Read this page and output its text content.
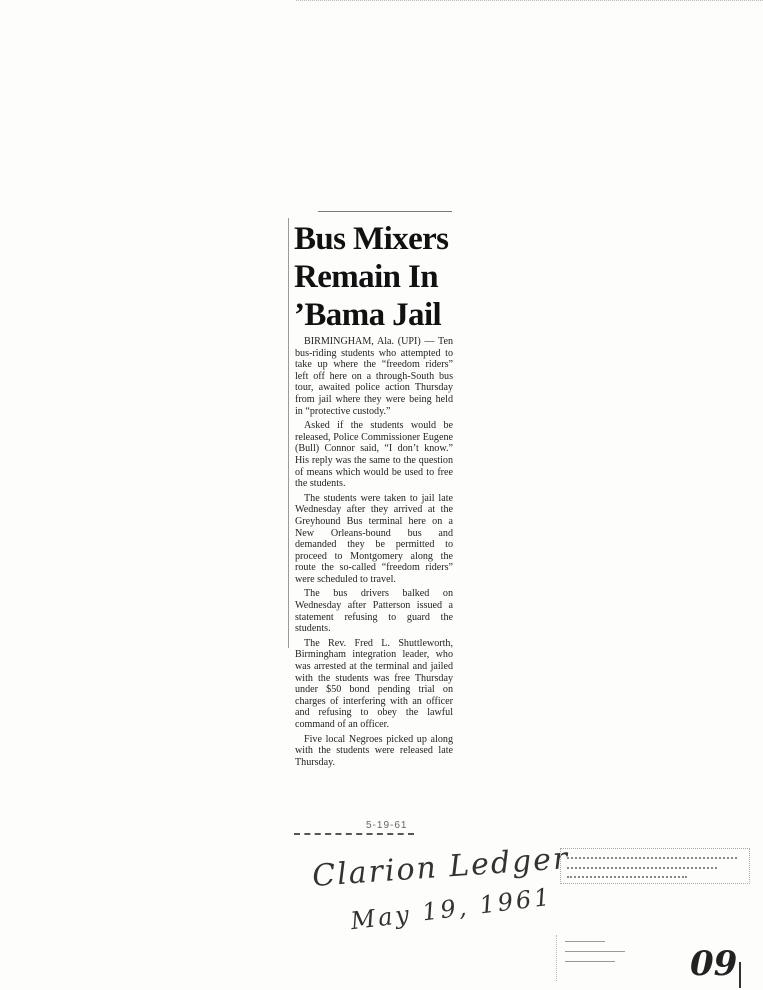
Bus Mixers
Remain In
’Bama Jail

BIRMINGHAM, Ala. (UPI) — Ten bus-riding students who attempted to take up where the “freedom riders” left off here on a through-South bus tour, awaited police action Thursday from jail where they were being held in “protective custody.”

Asked if the students would be released, Police Commissioner Eugene (Bull) Connor said, “I don’t know.” His reply was the same to the question of means which would be used to free the students.

The students were taken to jail late Wednesday after they arrived at the Greyhound Bus terminal here on a New Orleans-bound bus and demanded they be permitted to proceed to Montgomery along the route the so-called “freedom riders” were scheduled to travel.

The bus drivers balked on Wednesday after Patterson issued a statement refusing to guard the students.

The Rev. Fred L. Shuttleworth, Birmingham integration leader, who was arrested at the terminal and jailed with the students was free Thursday under $50 bond pending trial on charges of interfering with an officer and refusing to obey the lawful command of an officer.

Five local Negroes picked up along with the students were released late Thursday.

5-19-61
Clarion Ledger
May 19, 1961
09
